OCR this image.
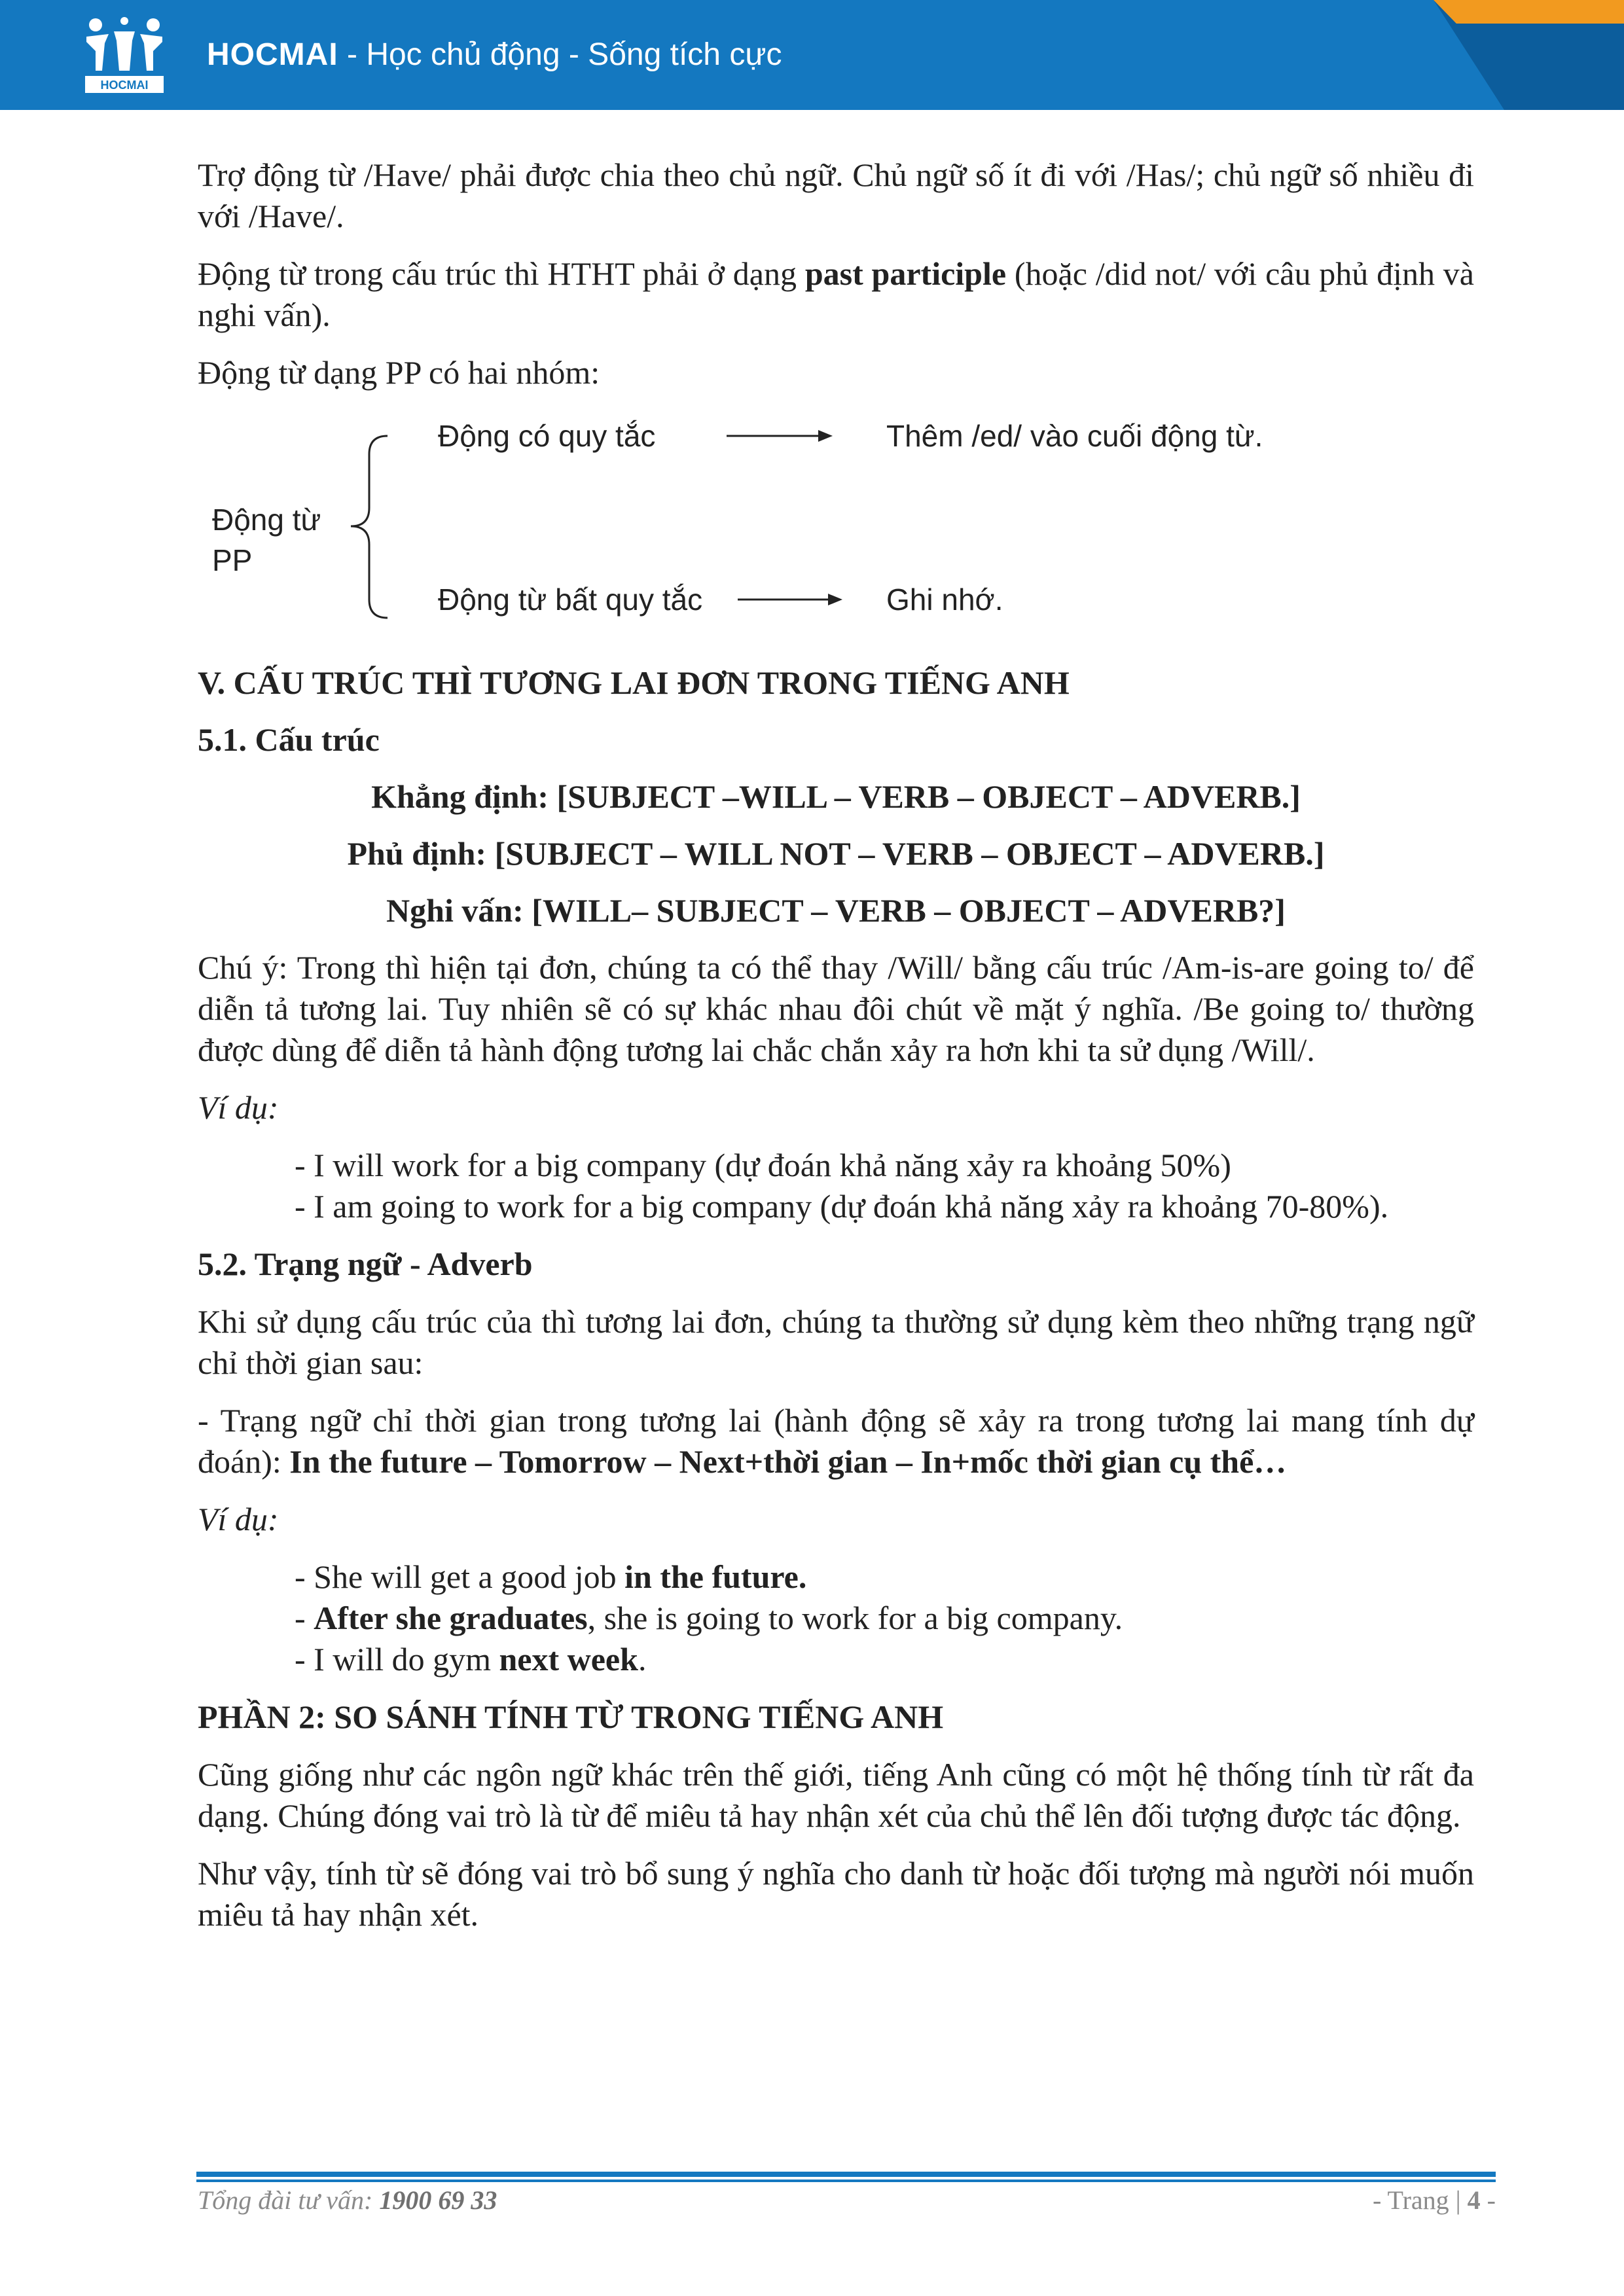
HOCMAI
HOCMAI - Học chủ động - Sống tích cực

Trợ động từ /Have/ phải được chia theo chủ ngữ. Chủ ngữ số ít đi với /Has/; chủ ngữ số nhiều đi với /Have/.

Động từ trong cấu trúc thì HTHT phải ở dạng past participle (hoặc /did not/ với câu phủ định và nghi vấn).

Động từ dạng PP có hai nhóm:

Động từ
PP
Động có quy tắc	Thêm /ed/ vào cuối động từ.
Động từ bất quy tắc	Ghi nhớ.

V. CẤU TRÚC THÌ TƯƠNG LAI ĐƠN TRONG TIẾNG ANH

5.1. Cấu trúc

Khẳng định: [SUBJECT –WILL – VERB – OBJECT – ADVERB.]

Phủ định: [SUBJECT – WILL NOT – VERB – OBJECT – ADVERB.]

Nghi vấn: [WILL– SUBJECT – VERB – OBJECT – ADVERB?]

Chú ý: Trong thì hiện tại đơn, chúng ta có thể thay /Will/ bằng cấu trúc /Am-is-are going to/ để diễn tả tương lai. Tuy nhiên sẽ có sự khác nhau đôi chút về mặt ý nghĩa. /Be going to/ thường được dùng để diễn tả hành động tương lai chắc chắn xảy ra hơn khi ta sử dụng /Will/.

Ví dụ:

- I will work for a big company (dự đoán khả năng xảy ra khoảng 50%)

- I am going to work for a big company (dự đoán khả năng xảy ra khoảng 70-80%).

5.2. Trạng ngữ - Adverb

Khi sử dụng cấu trúc của thì tương lai đơn, chúng ta thường sử dụng kèm theo những trạng ngữ chỉ thời gian sau:

- Trạng ngữ chỉ thời gian trong tương lai (hành động sẽ xảy ra trong tương lai mang tính dự đoán): In the future – Tomorrow – Next+thời gian – In+mốc thời gian cụ thể…

Ví dụ:

- She will get a good job in the future.

- After she graduates, she is going to work for a big company.

- I will do gym next week.

PHẦN 2: SO SÁNH TÍNH TỪ TRONG TIẾNG ANH

Cũng giống như các ngôn ngữ khác trên thế giới, tiếng Anh cũng có một hệ thống tính từ rất đa dạng. Chúng đóng vai trò là từ để miêu tả hay nhận xét của chủ thể lên đối tượng được tác động.

Như vậy, tính từ sẽ đóng vai trò bổ sung ý nghĩa cho danh từ hoặc đối tượng mà người nói muốn miêu tả hay nhận xét.

Tổng đài tư vấn: 1900 69 33	- Trang | 4 -
